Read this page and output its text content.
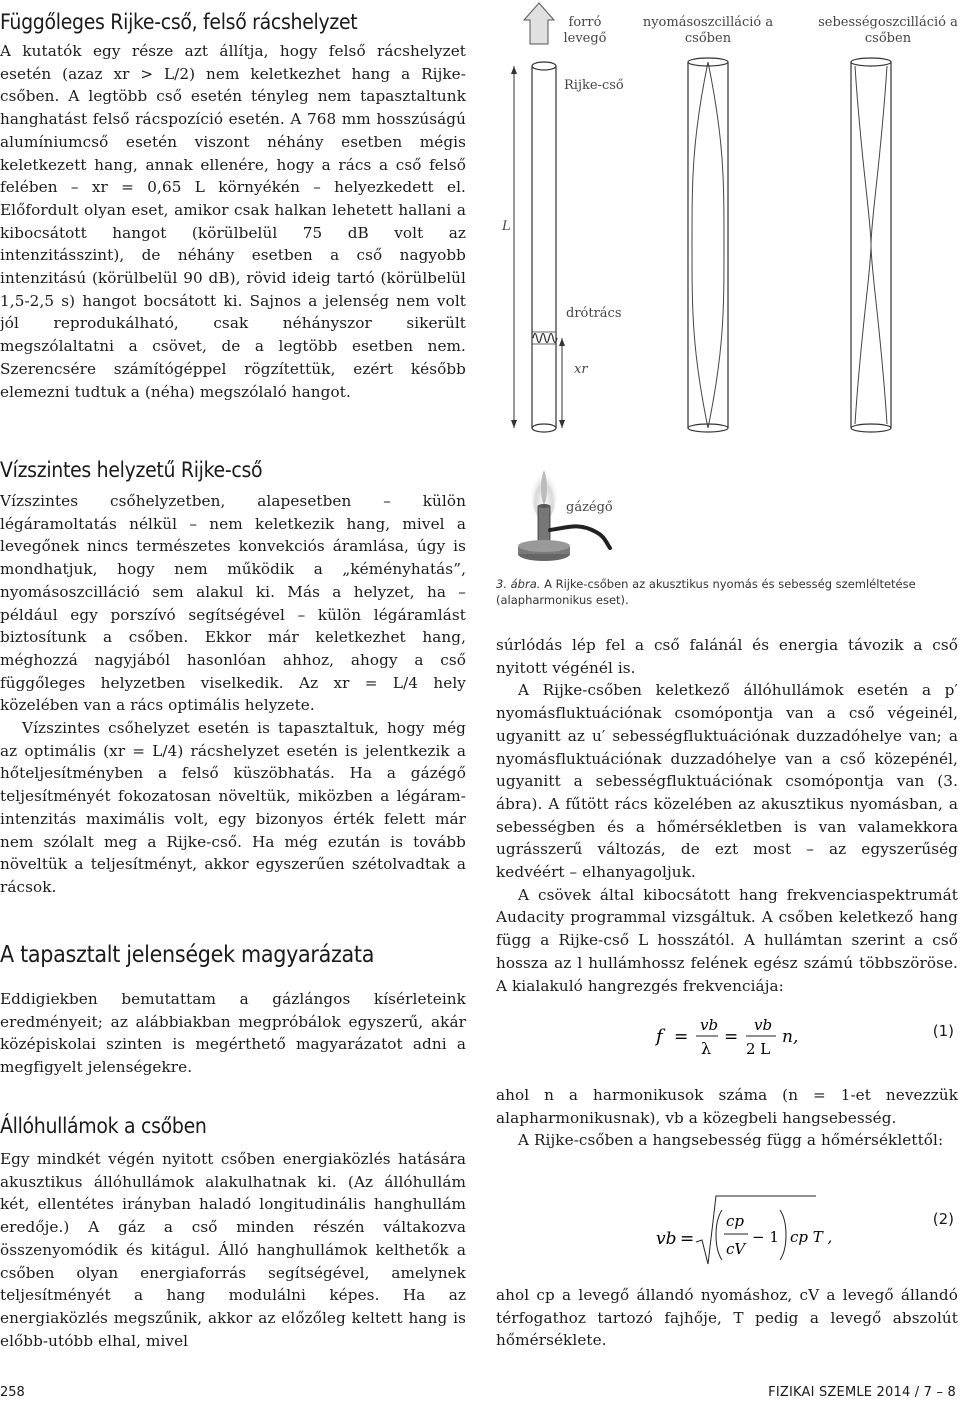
Függőleges Rijke-cső, felső rácshelyzet

A kutatók egy része azt állítja, hogy felső rácshelyzet esetén (azaz xr > L/2) nem keletkezhet hang a Rijke-csőben. A legtöbb cső esetén tényleg nem tapasztaltunk hanghatást felső rácspozíció esetén. A 768 mm hosszúságú alumíniumcső esetén viszont néhány esetben mégis keletkezett hang, annak ellenére, hogy a rács a cső felső felében – xr = 0,65 L környékén – helyezkedett el. Előfordult olyan eset, amikor csak halkan lehetett hallani a kibocsátott hangot (körülbelül 75 dB volt az intenzitásszint), de néhány esetben a cső nagyobb intenzitású (körülbelül 90 dB), rövid ideig tartó (körülbelül 1,5-2,5 s) hangot bocsátott ki. Sajnos a jelenség nem volt jól reprodukálható, csak néhányszor sikerült megszólaltatni a csövet, de a legtöbb esetben nem. Szerencsére számítógéppel rögzítettük, ezért később elemezni tudtuk a (néha) megszólaló hangot.

Vízszintes helyzetű Rijke-cső

Vízszintes csőhelyzetben, alapesetben – külön légáramoltatás nélkül – nem keletkezik hang, mivel a levegőnek nincs természetes konvekciós áramlása, úgy is mondhatjuk, hogy nem működik a „kéményhatás”, nyomásoszcilláció sem alakul ki. Más a helyzet, ha – például egy porszívó segítségével – külön légáramlást biztosítunk a csőben. Ekkor már keletkezhet hang, méghozzá nagyjából hasonlóan ahhoz, ahogy a cső függőleges helyzetben viselkedik. Az xr = L/4 hely közelében van a rács optimális helyzete.

Vízszintes csőhelyzet esetén is tapasztaltuk, hogy még az optimális (xr = L/4) rácshelyzet esetén is jelentkezik a hőteljesítményben a felső küszöbhatás. Ha a gázégő teljesítményét fokozatosan növeltük, miközben a légáram-intenzitás maximális volt, egy bizonyos érték felett már nem szólalt meg a Rijke-cső. Ha még ezután is tovább növeltük a teljesítményt, akkor egyszerűen szétolvadtak a rácsok.

A tapasztalt jelenségek magyarázata

Eddigiekben bemutattam a gázlángos kísérleteink eredményeit; az alábbiakban megpróbálok egyszerű, akár középiskolai szinten is megérthető magyarázatot adni a megfigyelt jelenségekre.

Állóhullámok a csőben

Egy mindkét végén nyitott csőben energiaközlés hatására akusztikus állóhullámok alakulhatnak ki. (Az állóhullám két, ellentétes irányban haladó longitudinális hanghullám eredője.) A gáz a cső minden részén váltakozva összenyomódik és kitágul. Álló hanghullámok kelthetők a csőben olyan energiaforrás segítségével, amelynek teljesítményét a hang modulálni képes. Ha az energiaközlés megszűnik, akkor az előzőleg keltett hang is előbb-utóbb elhal, mivel

forró levegő
nyomásoszcilláció a csőben
sebességoszcilláció a csőben
Rijke-cső
L
drótrács
xr
gázégő
3. ábra. A Rijke-csőben az akusztikus nyomás és sebesség szemléltetése (alapharmonikus eset).

súrlódás lép fel a cső falánál és energia távozik a cső nyitott végénél is.

A Rijke-csőben keletkező állóhullámok esetén a p′ nyomásfluktuációnak csomópontja van a cső végeinél, ugyanitt az u′ sebességfluktuációnak duzzadóhelye van; a nyomásfluktuációnak duzzadóhelye van a cső közepénél, ugyanitt a sebességfluktuációnak csomópontja van (3. ábra). A fűtött rács közelében az akusztikus nyomásban, a sebességben és a hőmérsékletben is van valamekkora ugrásszerű változás, de ezt most – az egyszerűség kedvéért – elhanyagoljuk.

A csövek által kibocsátott hang frekvenciaspektrumát Audacity programmal vizsgáltuk. A csőben keletkező hang függ a Rijke-cső L hosszától. A hullámtan szerint a cső hossza az l hullámhossz felének egész számú többszöröse. A kialakuló hangrezgés frekvenciája:

f =
vb
λ
=
vb
2 L
n,	(1)

ahol n a harmonikusok száma (n = 1-et nevezzük alapharmonikusnak), vb a közegbeli hangsebesség.

A Rijke-csőben a hangsebesség függ a hőmérséklettől:

vb =
cp
cV
− 1 cp T ,
(2)

ahol cp a levegő állandó nyomáshoz, cV a levegő állandó térfogathoz tartozó fajhője, T pedig a levegő abszolút hőmérséklete.

258	FIZIKAI SZEMLE 2014 / 7 – 8
